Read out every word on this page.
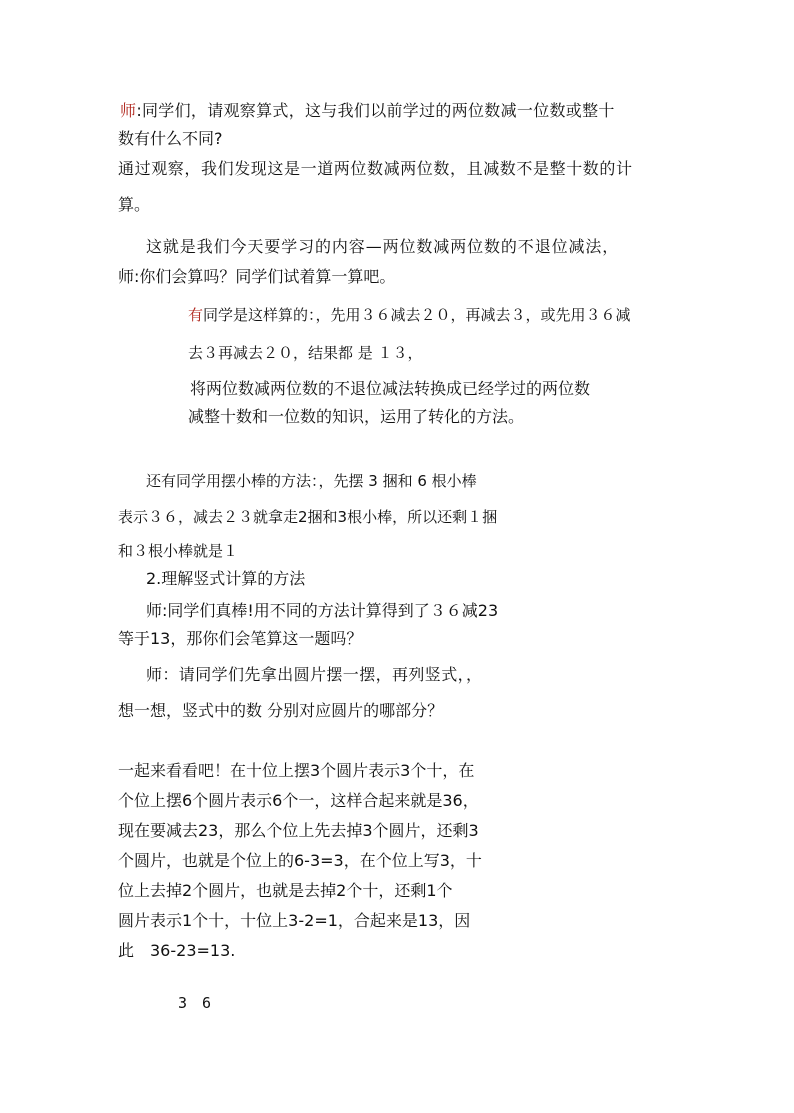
师:同学们，请观察算式，这与我们以前学过的两位数减一位数或整十
数有什么不同?
通过观察，我们发现这是一道两位数减两位数，且减数不是整十数的计
算。
这就是我们今天要学习的内容—两位数减两位数的不退位减法，
师:你们会算吗？同学们试着算一算吧。
有同学是这样算的：，先用３６减去２０，再减去３，或先用３６减
去３再减去２０，结果都 是 １３，
将两位数减两位数的不退位减法转换成已经学过的两位数
减整十数和一位数的知识，运用了转化的方法。
还有同学用摆小棒的方法：，先摆 3 捆和 6 根小棒
表示３６，减去２３就拿走2捆和3根小棒，所以还剩１捆
和３根小棒就是１
2.理解竖式计算的方法
师:同学们真棒!用不同的方法计算得到了３６减23
等于13，那你们会笔算这一题吗？
师：请同学们先拿出圆片摆一摆，再列竖式，，
想一想，竖式中的数 分别对应圆片的哪部分？
一起来看看吧！在十位上摆3个圆片表示3个十，在
个位上摆6个圆片表示6个一，这样合起来就是36，
现在要减去23，那么个位上先去掉3个圆片，还剩3
个圆片，也就是个位上的6-3=3，在个位上写3，十
位上去掉2个圆片，也就是去掉2个十，还剩1个
圆片表示1个十，十位上3-2=1，合起来是13，因
此　36-23=13.
3　6
